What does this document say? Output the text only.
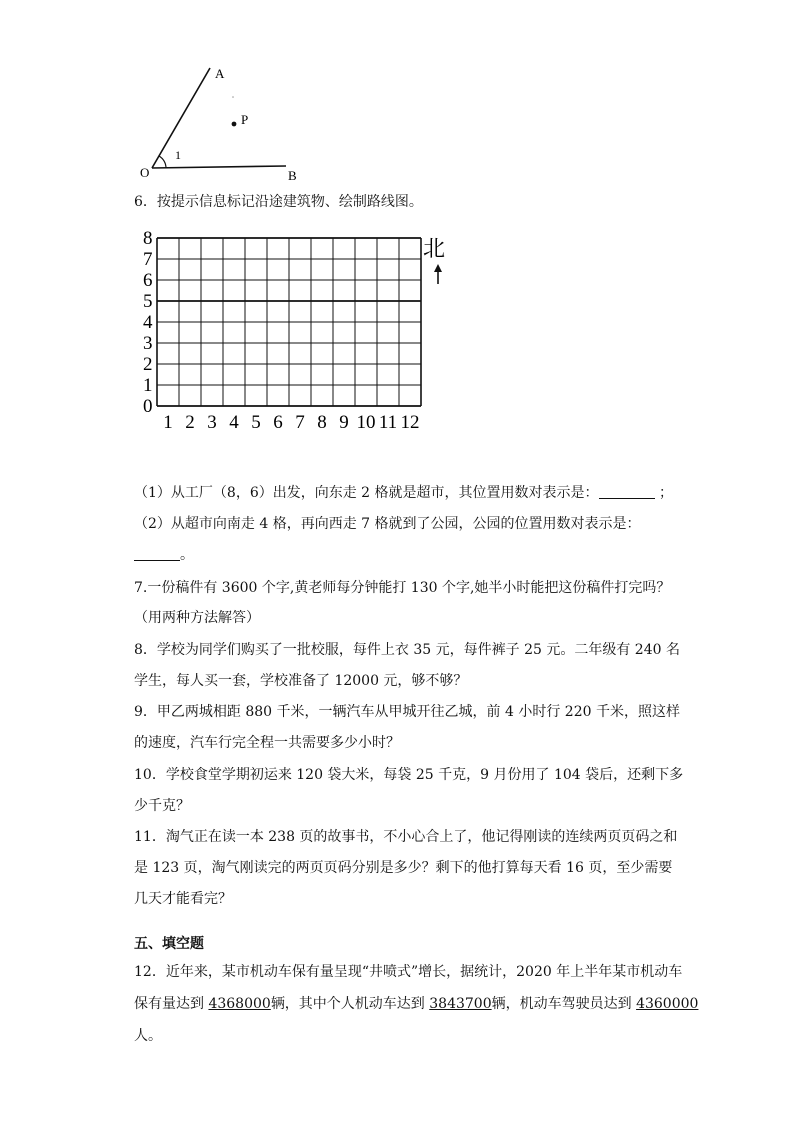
A
P
O	B
1
6．按提示信息标记沿途建筑物、绘制路线图。
8
7
6
5
4
3
2
1
0
1 2 3 4 5 6 7 8 9 10 11 12
北
（1）从工厂（8，6）出发，向东走 2 格就是超市，其位置用数对表示是：	；
（2）从超市向南走 4 格，再向西走 7 格就到了公园，公园的位置用数对表示是：
。
7.一份稿件有 3600 个字,黄老师每分钟能打 130 个字,她半小时能把这份稿件打完吗？
（用两种方法解答）
8．学校为同学们购买了一批校服，每件上衣 35 元，每件裤子 25 元。二年级有 240 名
学生，每人买一套，学校准备了 12000 元，够不够？
9．甲乙两城相距 880 千米，一辆汽车从甲城开往乙城，前 4 小时行 220 千米，照这样
的速度，汽车行完全程一共需要多少小时？
10．学校食堂学期初运来 120 袋大米，每袋 25 千克，9 月份用了 104 袋后，还剩下多
少千克？
11．淘气正在读一本 238 页的故事书，不小心合上了，他记得刚读的连续两页页码之和
是 123 页，淘气刚读完的两页页码分别是多少？剩下的他打算每天看 16 页，至少需要
几天才能看完？
五、填空题
12．近年来，某市机动车保有量呈现“井喷式”增长，据统计，2020 年上半年某市机动车
保有量达到 4368000辆，其中个人机动车达到 3843700辆，机动车驾驶员达到 4360000
人。
